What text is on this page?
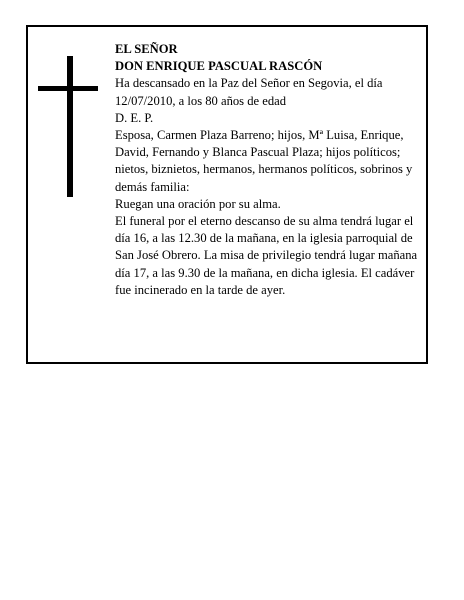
EL SEÑOR

DON ENRIQUE PASCUAL RASCÓN

Ha descansado en la Paz del Señor en Segovia, el día 12/07/2010, a los 80 años de edad

D. E. P.

Esposa, Carmen Plaza Barreno; hijos, Mª Luisa, Enrique, David, Fernando y Blanca Pascual Plaza; hijos políticos; nietos, biznietos, hermanos, hermanos políticos, sobrinos y demás familia:

Ruegan una oración por su alma.

El funeral por el eterno descanso de su alma tendrá lugar el día 16, a las 12.30 de la mañana, en la iglesia parroquial de San José Obrero. La misa de privilegio tendrá lugar mañana día 17, a las 9.30 de la mañana, en dicha iglesia. El cadáver fue incinerado en la tarde de ayer.
